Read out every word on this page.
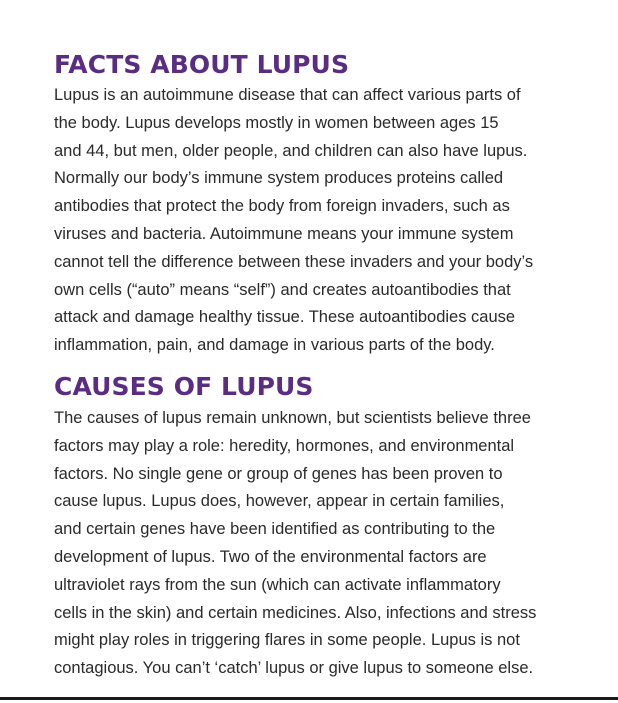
FACTS ABOUT LUPUS

Lupus is an autoimmune disease that can affect various parts of
the body. Lupus develops mostly in women between ages 15
and 44, but men, older people, and children can also have lupus.
Normally our body’s immune system produces proteins called
antibodies that protect the body from foreign invaders, such as
viruses and bacteria. Autoimmune means your immune system
cannot tell the difference between these invaders and your body’s
own cells (“auto” means “self”) and creates autoantibodies that
attack and damage healthy tissue. These autoantibodies cause
inflammation, pain, and damage in various parts of the body.

CAUSES OF LUPUS

The causes of lupus remain unknown, but scientists believe three
factors may play a role: heredity, hormones, and environmental
factors. No single gene or group of genes has been proven to
cause lupus. Lupus does, however, appear in certain families,
and certain genes have been identified as contributing to the
development of lupus. Two of the environmental factors are
ultraviolet rays from the sun (which can activate inflammatory
cells in the skin) and certain medicines. Also, infections and stress
might play roles in triggering flares in some people. Lupus is not
contagious. You can’t ‘catch’ lupus or give lupus to someone else.
